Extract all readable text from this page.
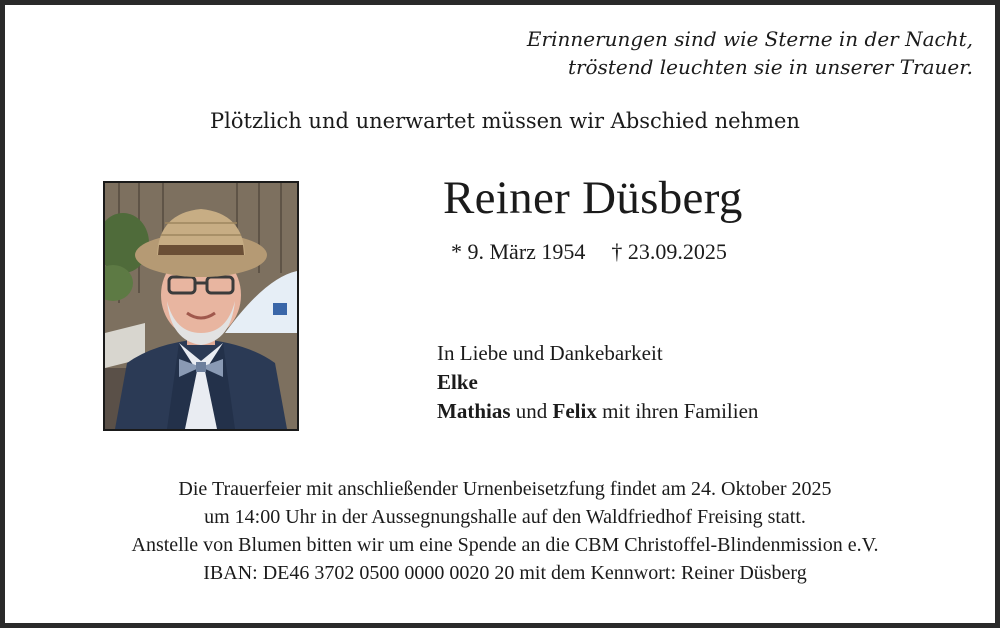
Erinnerungen sind wie Sterne in der Nacht,
tröstend leuchten sie in unserer Trauer.
Plötzlich und unerwartet müssen wir Abschied nehmen
Reiner Düsberg
* 9. März 1954 † 23.09.2025
In Liebe und Dankebarkeit
Elke
Mathias und Felix mit ihren Familien
Die Trauerfeier mit anschließender Urnenbeisetzfung findet am 24. Oktober 2025
um 14:00 Uhr in der Aussegnungshalle auf den Waldfriedhof Freising statt.
Anstelle von Blumen bitten wir um eine Spende an die CBM Christoffel-Blindenmission e.V.
IBAN: DE46 3702 0500 0000 0020 20 mit dem Kennwort: Reiner Düsberg
